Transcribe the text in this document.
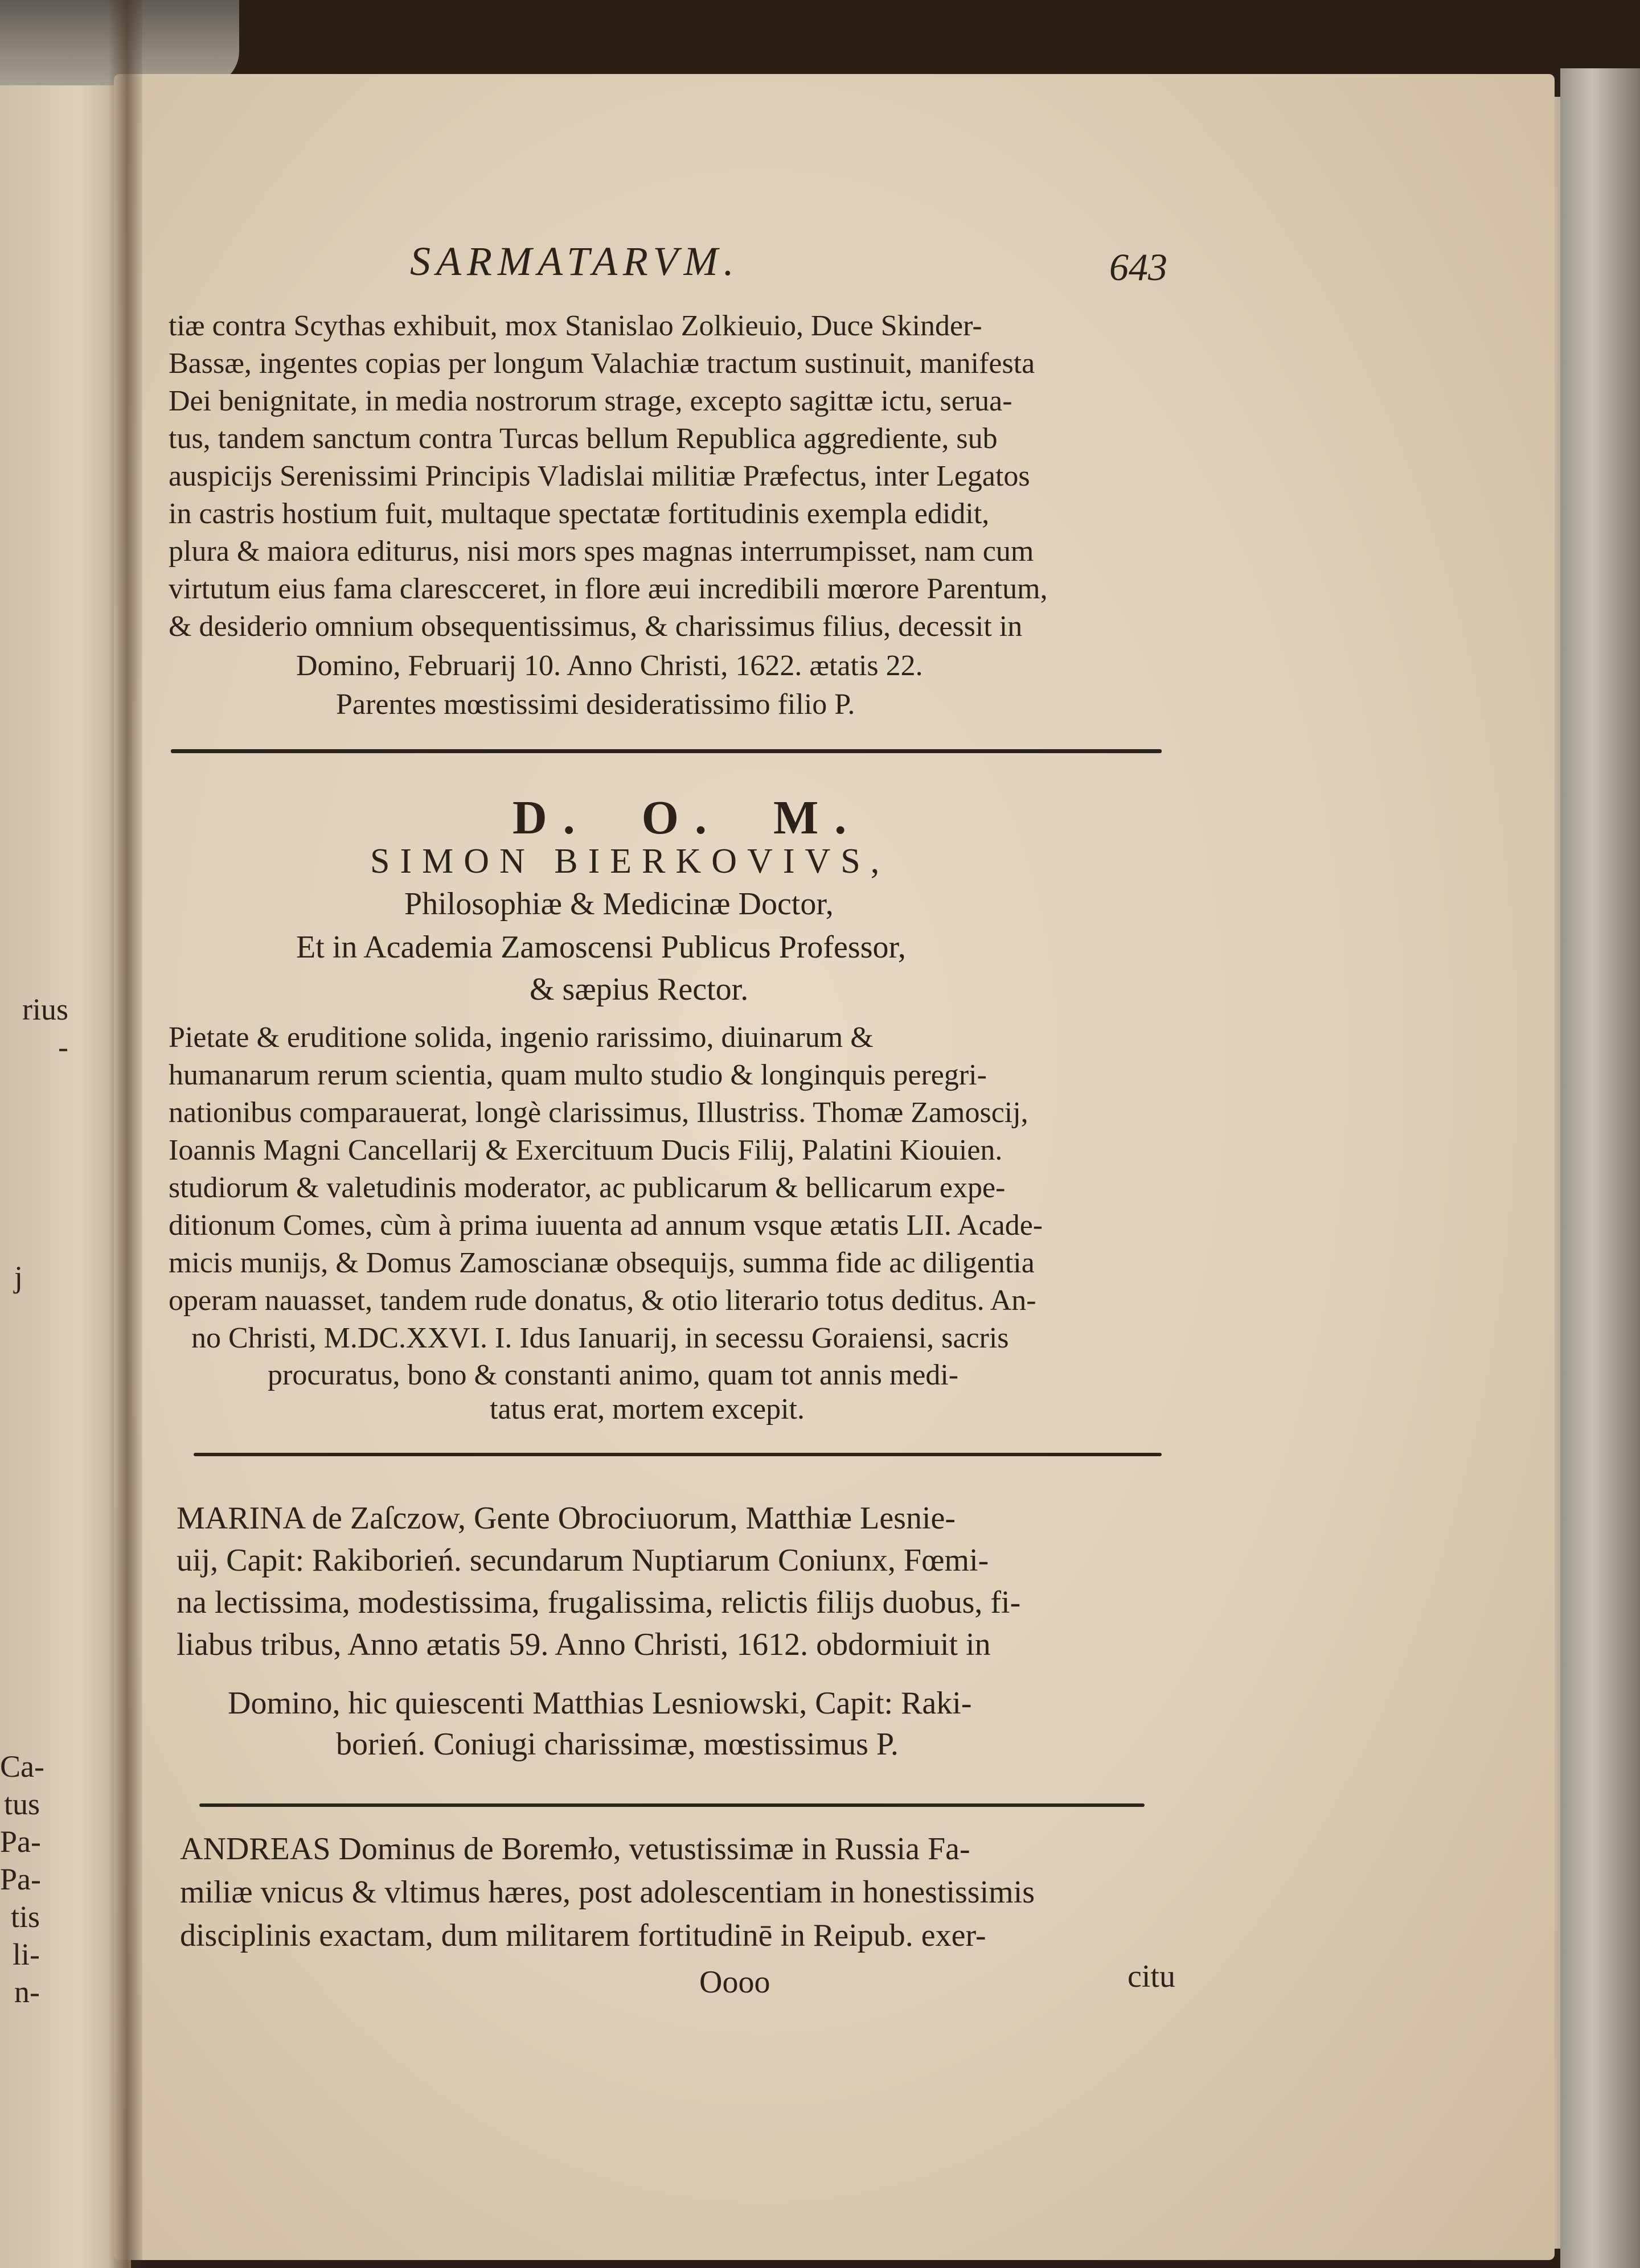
rius
-
j
Ca-
tus
Pa-
Pa-
tis
li-
n-
SARMATARVM.	643

tiæ contra Scythas exhibuit, mox Stanislao Zolkieuio, Duce Skinder-

Bassæ, ingentes copias per longum Valachiæ tractum sustinuit, manifesta

Dei benignitate, in media nostrorum strage, excepto sagittæ ictu, serua-

tus, tandem sanctum contra Turcas bellum Republica aggrediente, sub

auspicijs Serenissimi Principis Vladislai militiæ Præfectus, inter Legatos

in castris hostium fuit, multaque spectatæ fortitudinis exempla edidit,

plura & maiora editurus, nisi mors spes magnas interrumpisset, nam cum

virtutum eius fama clarescceret, in flore æui incredibili mœrore Parentum,

& desiderio omnium obsequentissimus, & charissimus filius, decessit in

Domino, Februarij 10. Anno Christi, 1622. ætatis 22.
Parentes mœstissimi desideratissimo filio P.
D. O. M.
SIMON BIERKOVIVS,
Philosophiæ & Medicinæ Doctor,
Et in Academia Zamoscensi Publicus Professor,
& sæpius Rector.

Pietate & eruditione solida, ingenio rarissimo, diuinarum &

humanarum rerum scientia, quam multo studio & longinquis peregri-

nationibus comparauerat, longè clarissimus, Illustriss. Thomæ Zamoscij,

Ioannis Magni Cancellarij & Exercituum Ducis Filij, Palatini Kiouien.

studiorum & valetudinis moderator, ac publicarum & bellicarum expe-

ditionum Comes, cùm à prima iuuenta ad annum vsque ætatis LII. Acade-

micis munijs, & Domus Zamoscianæ obsequijs, summa fide ac diligentia

operam nauasset, tandem rude donatus, & otio literario totus deditus. An-

no Christi, M.DC.XXVI. I. Idus Ianuarij, in secessu Goraiensi, sacris

procuratus, bono & constanti animo, quam tot annis medi-
tatus erat, mortem excepit.

MARINA de Zaſczow, Gente Obrociuorum, Matthiæ Lesnie-

uij, Capit: Rakiborień. secundarum Nuptiarum Coniunx, Fœmi-

na lectissima, modestissima, frugalissima, relictis filijs duobus, fi-

liabus tribus, Anno ætatis 59. Anno Christi, 1612. obdormiuit in

Domino, hic quiescenti Matthias Lesniowski, Capit: Raki-
borień. Coniugi charissimæ, mœstissimus P.

ANDREAS Dominus de Boremło, vetustissimæ in Russia Fa-

miliæ vnicus & vltimus hæres, post adolescentiam in honestissimis

disciplinis exactam, dum militarem fortitudinē in Reipub. exer-

Oooo	citu
